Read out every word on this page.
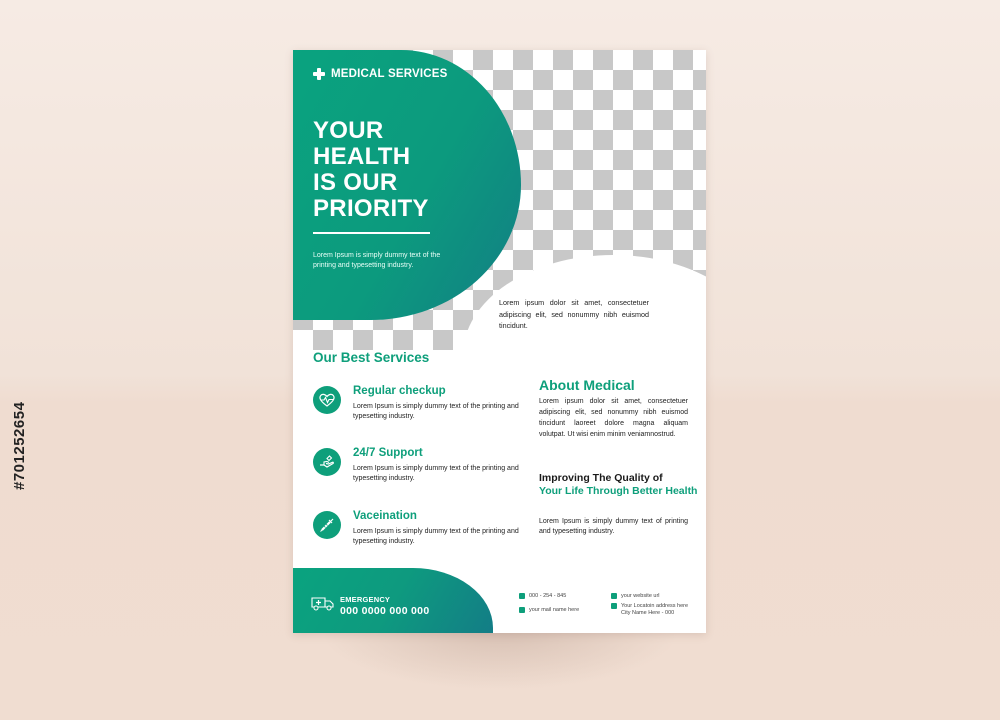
MEDICAL SERVICES
YOUR
HEALTH
IS OUR
PRIORITY
Lorem Ipsum is simply dummy text of the printing and typesetting industry.
Lorem ipsum dolor sit amet, consectetuer adipiscing elit, sed nonummy nibh euismod tincidunt.
Our Best Services
Regular checkup
Lorem Ipsum is simply dummy text of the printing and typesetting industry.
24/7 Support
Lorem Ipsum is simply dummy text of the printing and typesetting industry.
Vaceination
Lorem Ipsum is simply dummy text of the printing and typesetting industry.
About Medical
Lorem ipsum dolor sit amet, consectetuer adipiscing elit, sed nonummy nibh euismod tincidunt laoreet dolore magna aliquam volutpat. Ut wisi enim minim veniamnostrud.
Improving The Quality of
Your Life Through Better Health
Lorem Ipsum is simply dummy text of printing and typesetting industry.
EMERGENCY
000 0000 000 000
000 - 254 - 845
your mail name here
your website url
Your Locatoin address here City Name Here - 000
#701252654
